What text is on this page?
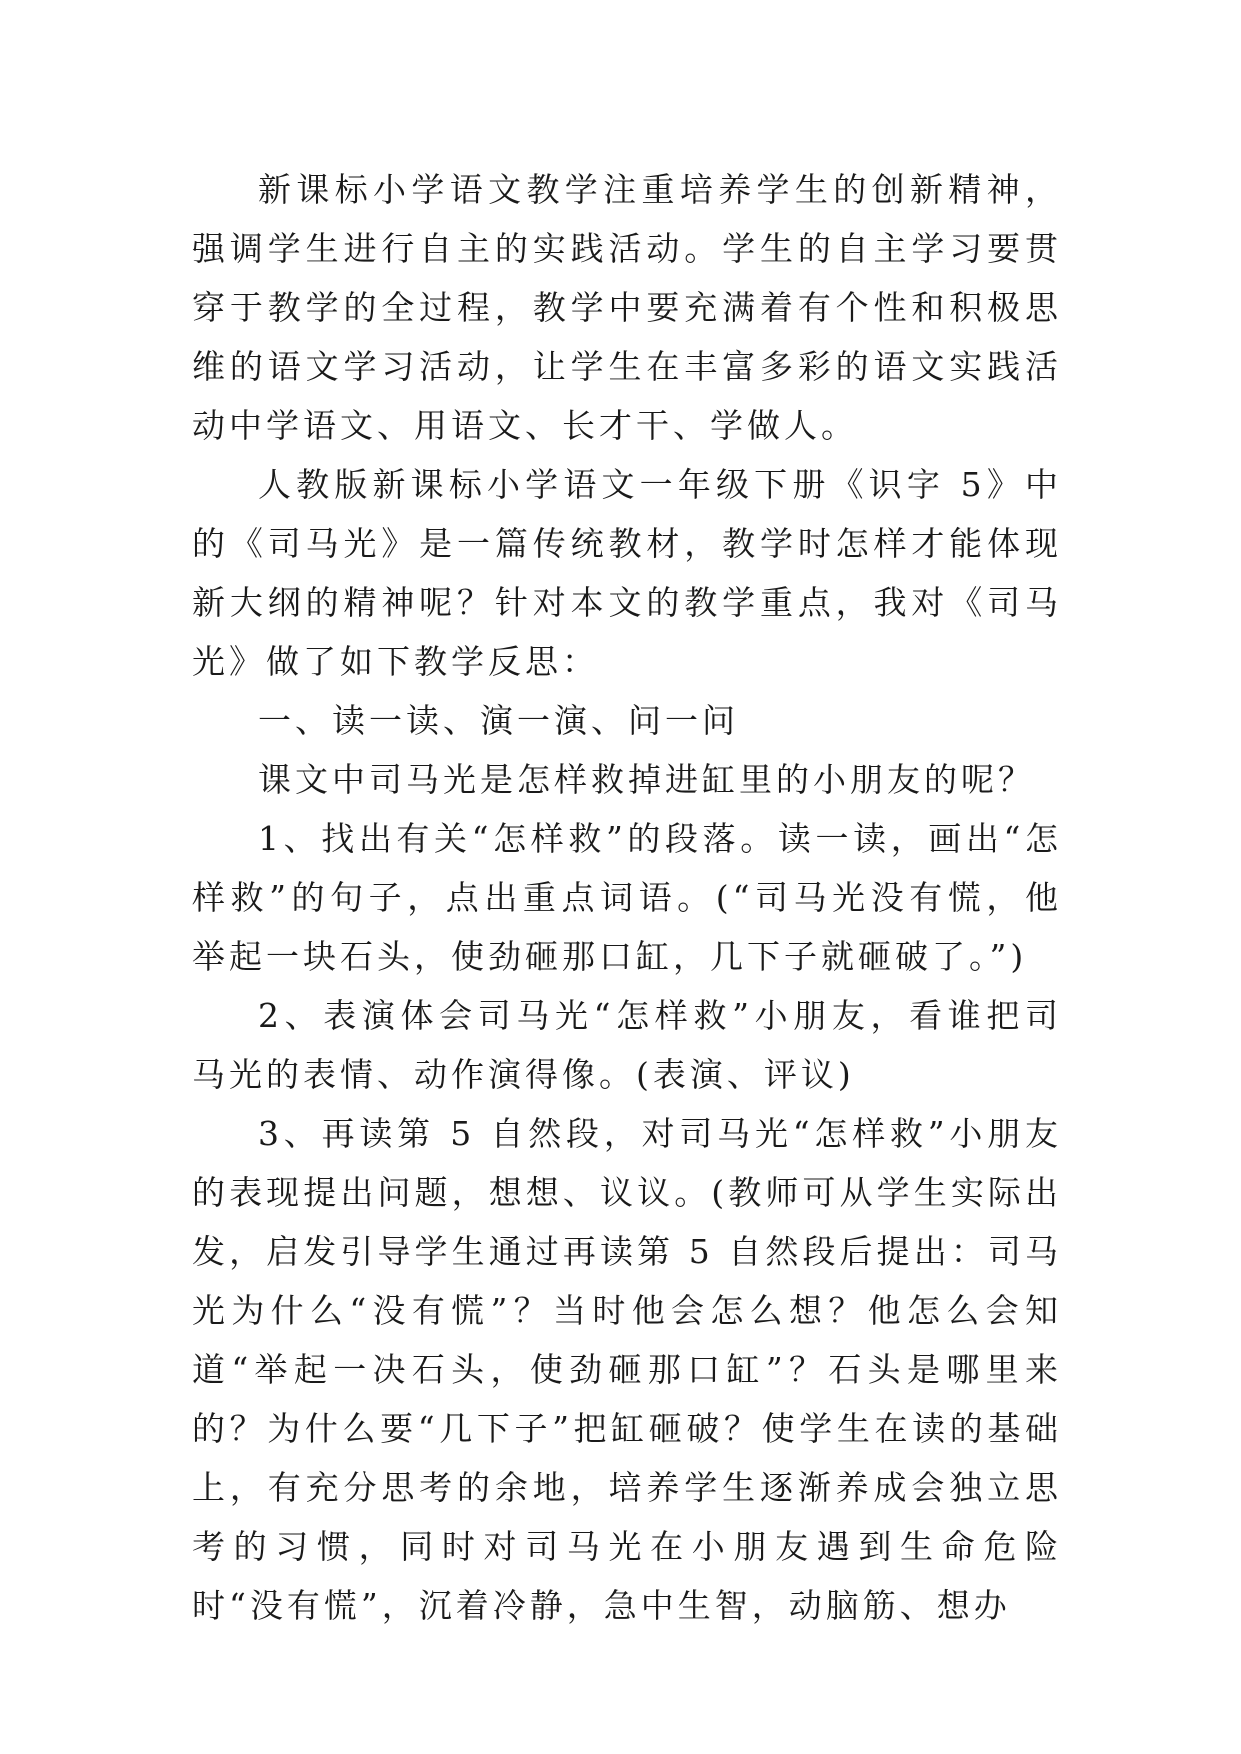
新课标小学语文教学注重培养学生的创新精神，强调学生进行自主的实践活动。学生的自主学习要贯穿于教学的全过程，教学中要充满着有个性和积极思维的语文学习活动，让学生在丰富多彩的语文实践活动中学语文、用语文、长才干、学做人。

人教版新课标小学语文一年级下册《识字 5》中的《司马光》是一篇传统教材，教学时怎样才能体现新大纲的精神呢？针对本文的教学重点，我对《司马光》做了如下教学反思：

一、读一读、演一演、问一问

课文中司马光是怎样救掉进缸里的小朋友的呢？

1、找出有关“怎样救”的段落。读一读，画出“怎样救”的句子，点出重点词语。(“司马光没有慌，他举起一块石头，使劲砸那口缸，几下子就砸破了。”)

2、表演体会司马光“怎样救”小朋友，看谁把司马光的表情、动作演得像。(表演、评议)

3、再读第 5 自然段，对司马光“怎样救”小朋友的表现提出问题，想想、议议。(教师可从学生实际出发，启发引导学生通过再读第 5 自然段后提出：司马光为什么“没有慌”？当时他会怎么想？他怎么会知道“举起一决石头，使劲砸那口缸”？石头是哪里来的？为什么要“几下子”把缸砸破？使学生在读的基础上，有充分思考的余地，培养学生逐渐养成会独立思考的习惯，同时对司马光在小朋友遇到生命危险时“没有慌”，沉着冷静，急中生智，动脑筋、想办
